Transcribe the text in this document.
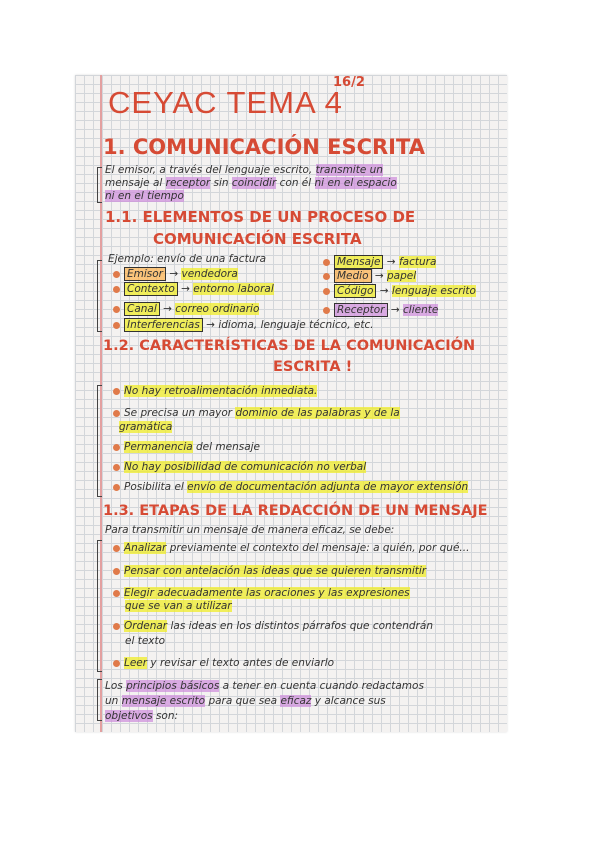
CEYAC TEMA 4
16/2
1. COMUNICACIÓN ESCRITA
El emisor, a través del lenguaje escrito, transmite un
mensaje al receptor sin coincidir con él ni en el espacio
ni en el tiempo
1.1. ELEMENTOS DE UN PROCESO DE
COMUNICACIÓN ESCRITA
Ejemplo: envío de una factura
Emisor → vendedora
Contexto → entorno laboral
Canal → correo ordinario
Interferencias → idioma, lenguaje técnico, etc.
Mensaje → factura
Medio → papel
Código → lenguaje escrito
Receptor → cliente
1.2. CARACTERÍSTICAS DE LA COMUNICACIÓN
ESCRITA !
No hay retroalimentación inmediata.
Se precisa un mayor dominio de las palabras y de la
gramática
Permanencia del mensaje
No hay posibilidad de comunicación no verbal
Posibilita el envío de documentación adjunta de mayor extensión
1.3. ETAPAS DE LA REDACCIÓN DE UN MENSAJE
Para transmitir un mensaje de manera eficaz, se debe:
Analizar previamente el contexto del mensaje: a quién, por qué...
Pensar con antelación las ideas que se quieren transmitir
Elegir adecuadamente las oraciones y las expresiones
que se van a utilizar
Ordenar las ideas en los distintos párrafos que contendrán
el texto
Leer y revisar el texto antes de enviarlo
Los principios básicos a tener en cuenta cuando redactamos
un mensaje escrito para que sea eficaz y alcance sus
objetivos son:
